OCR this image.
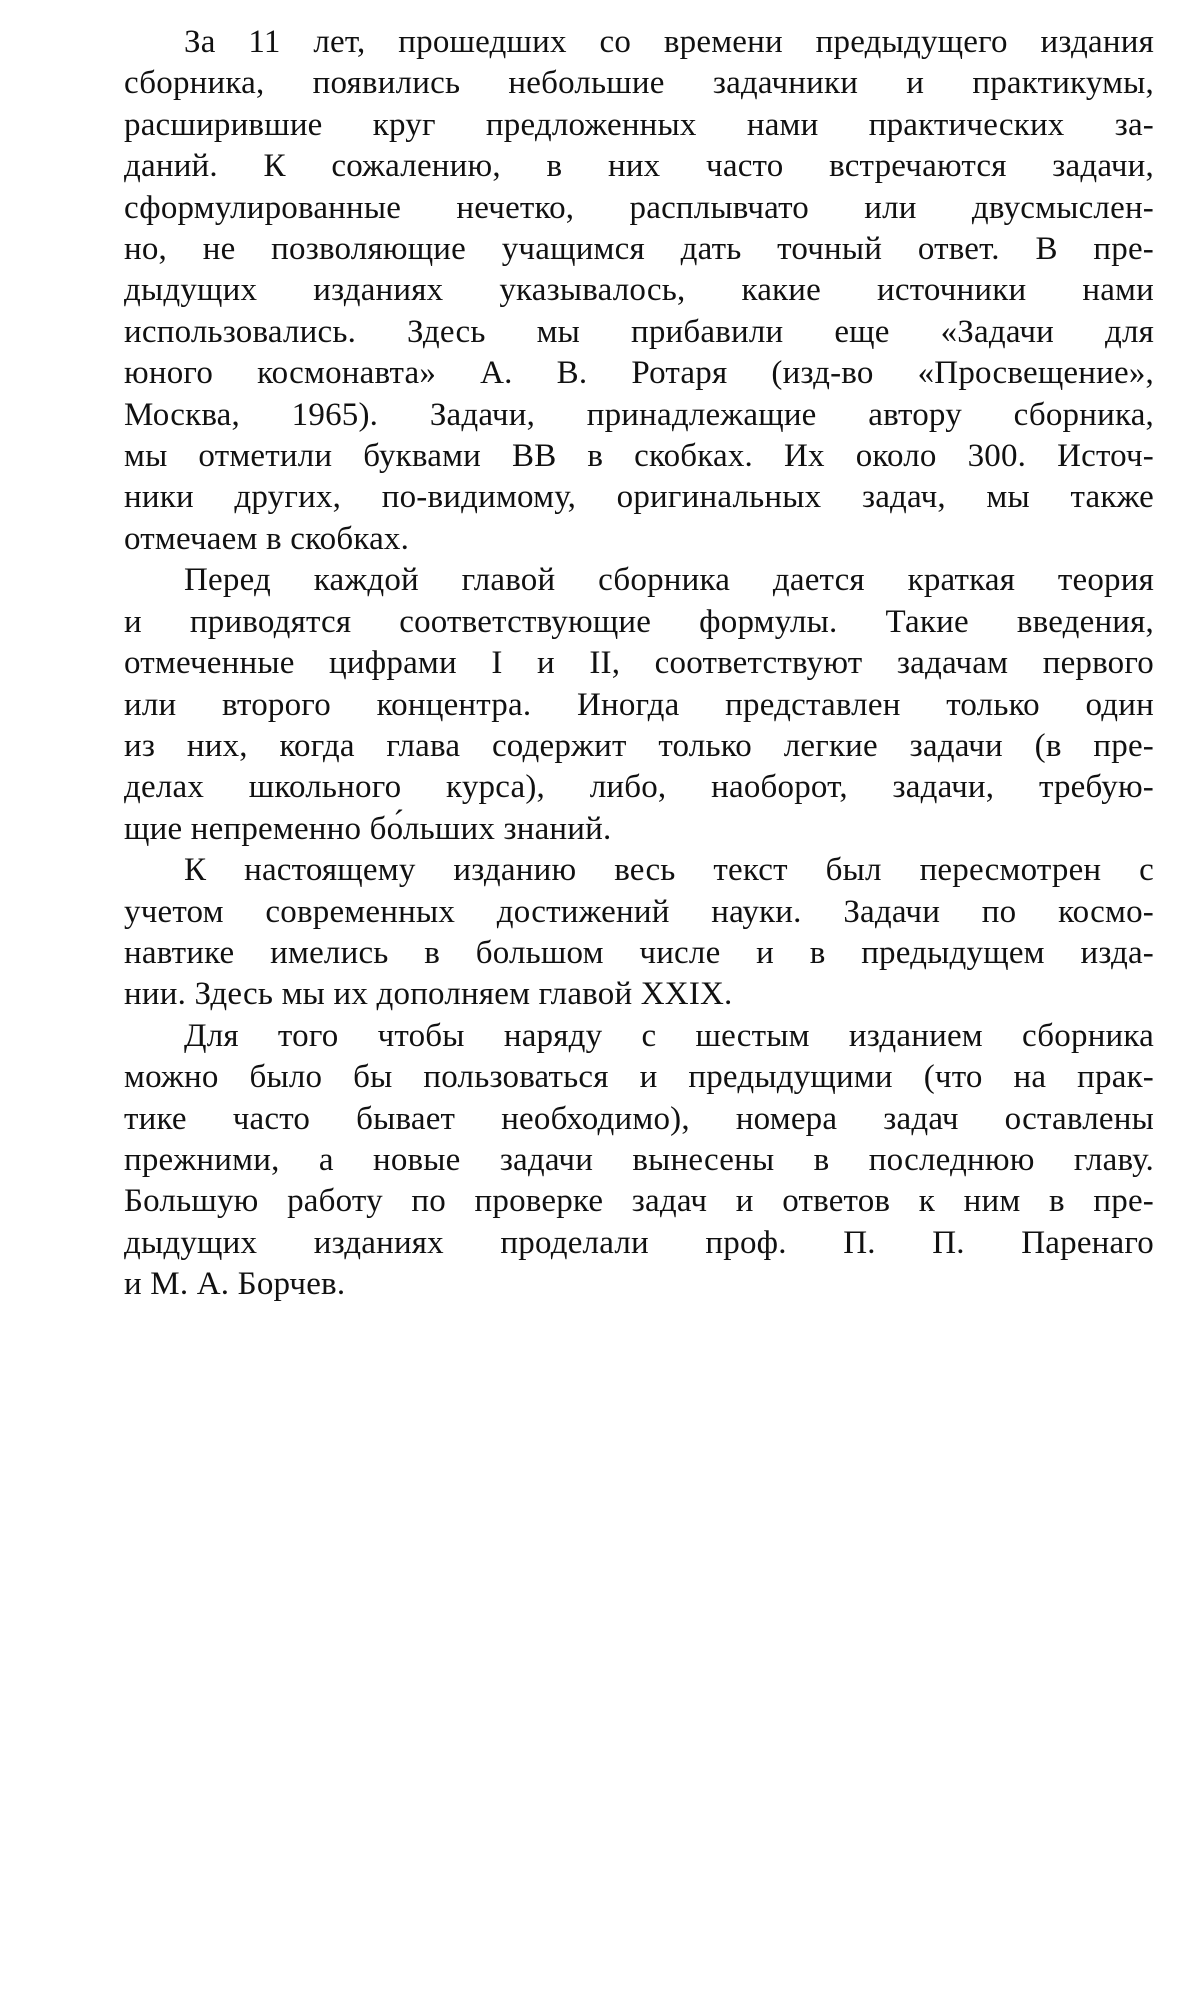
За 11 лет, прошедших со времени предыдущего издания
сборника, появились небольшие задачники и практикумы,
расширившие круг предложенных нами практических за-
даний. К сожалению, в них часто встречаются задачи,
сформулированные нечетко, расплывчато или двусмыслен-
но, не позволяющие учащимся дать точный ответ. В пре-
дыдущих изданиях указывалось, какие источники нами
использовались. Здесь мы прибавили еще «Задачи для
юного космонавта» А. В. Ротаря (изд-во «Просвещение»,
Москва, 1965). Задачи, принадлежащие автору сборника,
мы отметили буквами ВВ в скобках. Их около 300. Источ-
ники других, по-видимому, оригинальных задач, мы также
отмечаем в скобках.

Перед каждой главой сборника дается краткая теория
и приводятся соответствующие формулы. Такие введения,
отмеченные цифрами I и II, соответствуют задачам первого
или второго концентра. Иногда представлен только один
из них, когда глава содержит только легкие задачи (в пре-
делах школьного курса), либо, наоборот, задачи, требую-
щие непременно бо́льших знаний.

К настоящему изданию весь текст был пересмотрен с
учетом современных достижений науки. Задачи по космо-
навтике имелись в большом числе и в предыдущем изда-
нии. Здесь мы их дополняем главой XXIX.

Для того чтобы наряду с шестым изданием сборника
можно было бы пользоваться и предыдущими (что на прак-
тике часто бывает необходимо), номера задач оставлены
прежними, а новые задачи вынесены в последнюю главу.
Большую работу по проверке задач и ответов к ним в пре-
дыдущих изданиях проделали проф. П. П. Паренаго
и М. А. Борчев.
